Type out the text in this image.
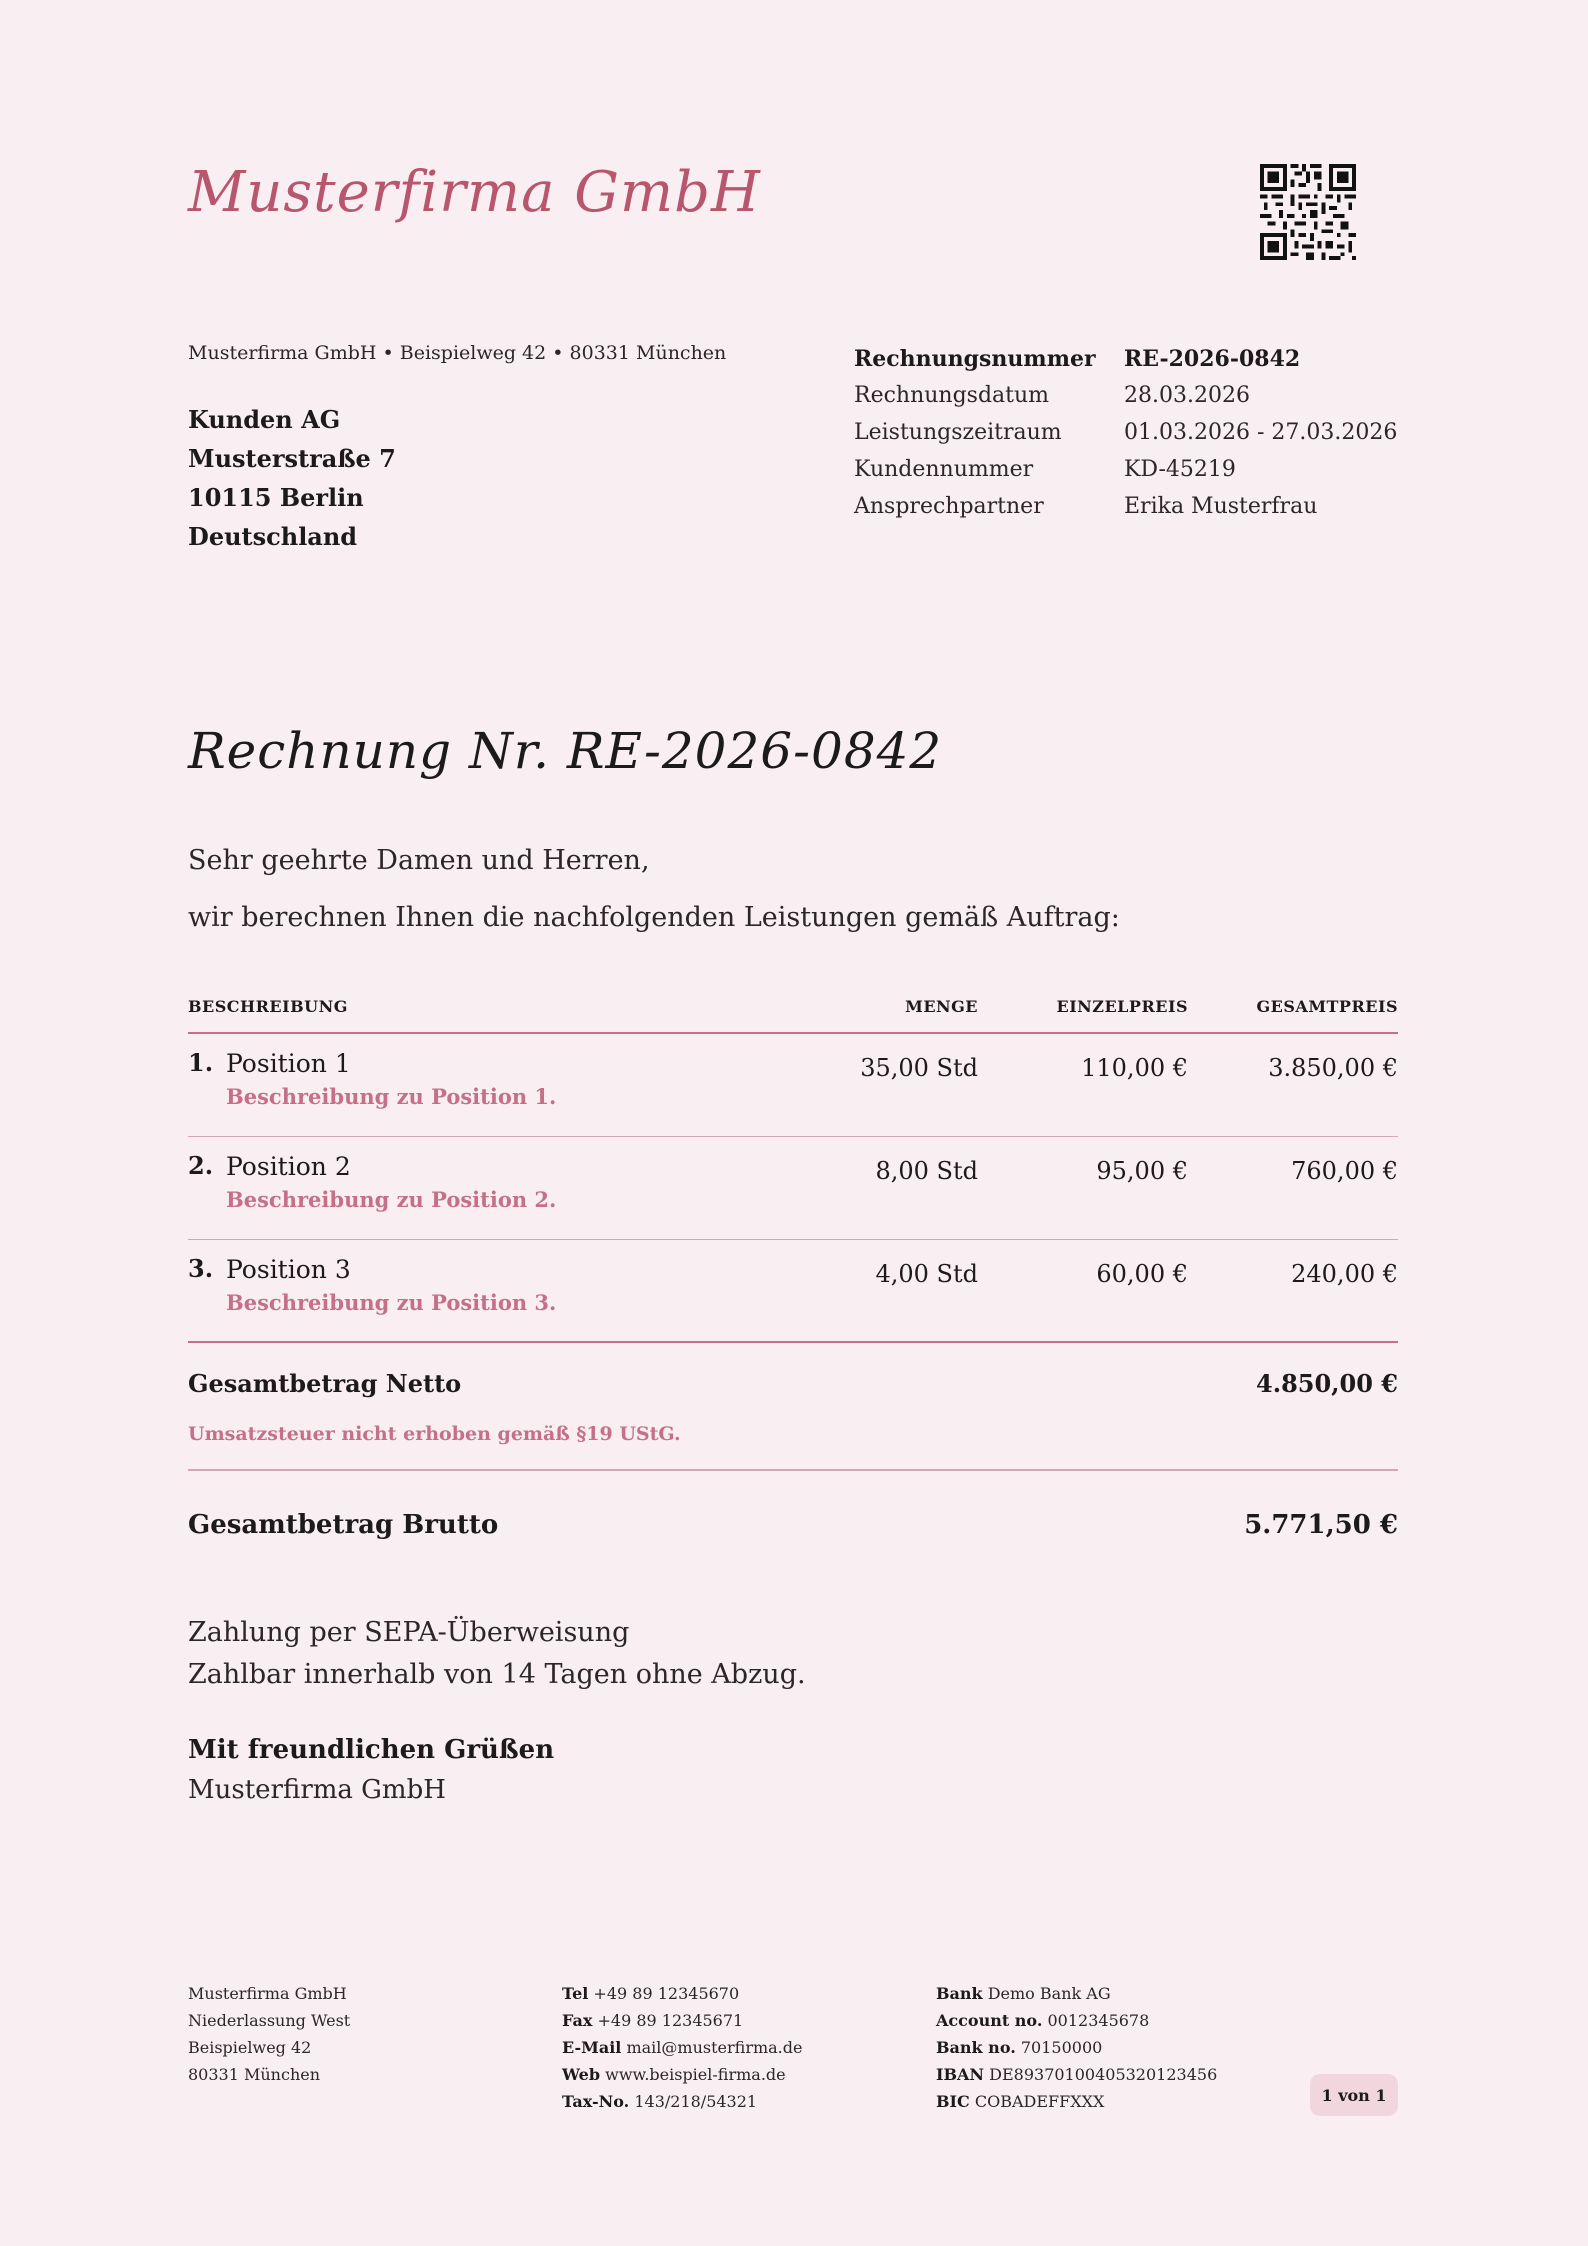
Musterfirma GmbH
Musterfirma GmbH • Beispielweg 42 • 80331 München
Kunden AG
Musterstraße 7
10115 Berlin
Deutschland
Rechnungsnummer	RE-2026-0842
Rechnungsdatum	28.03.2026
Leistungszeitraum	01.03.2026 - 27.03.2026
Kundennummer	KD-45219
Ansprechpartner	Erika Musterfrau
Rechnung Nr. RE-2026-0842
Sehr geehrte Damen und Herren,
wir berechnen Ihnen die nachfolgenden Leistungen gemäß Auftrag:
BESCHREIBUNG	MENGE	EINZELPREIS	GESAMTPREIS
1. Position 1
Beschreibung zu Position 1.
35,00 Std	110,00 €	3.850,00 €
2. Position 2
Beschreibung zu Position 2.
8,00 Std	95,00 €	760,00 €
3. Position 3
Beschreibung zu Position 3.
4,00 Std	60,00 €	240,00 €
Gesamtbetrag Netto	4.850,00 €
Umsatzsteuer nicht erhoben gemäß §19 UStG.
Gesamtbetrag Brutto	5.771,50 €
Zahlung per SEPA-Überweisung
Zahlbar innerhalb von 14 Tagen ohne Abzug.
Mit freundlichen Grüßen
Musterfirma GmbH
Musterfirma GmbH
Niederlassung West
Beispielweg 42
80331 München
Tel +49 89 12345670
Fax +49 89 12345671
E-Mail mail@musterfirma.de
Web www.beispiel-firma.de
Tax-No. 143/218/54321
Bank Demo Bank AG
Account no. 0012345678
Bank no. 70150000
IBAN DE89370100405320123456
BIC COBADEFFXXX	1 von 1
